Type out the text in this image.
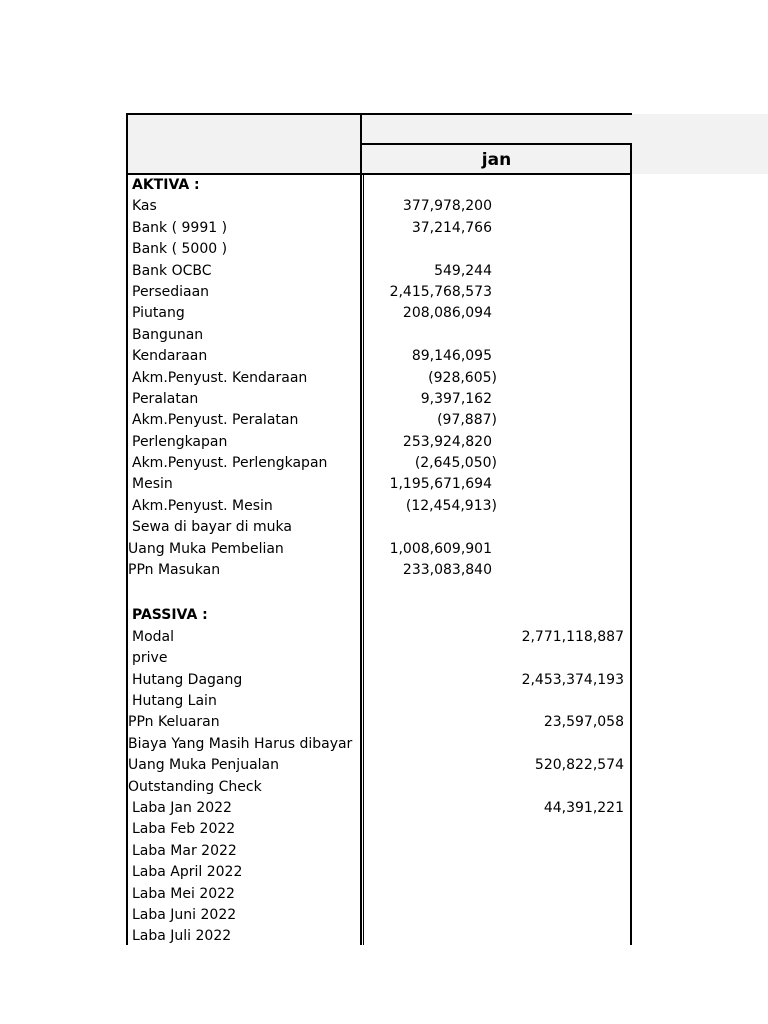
jan
AKTIVA :
Kas	377,978,200
Bank ( 9991 )	37,214,766
Bank ( 5000 )
Bank OCBC	549,244
Persediaan	2,415,768,573
Piutang	208,086,094
Bangunan
Kendaraan	89,146,095
Akm.Penyust. Kendaraan	(928,605)
Peralatan	9,397,162
Akm.Penyust. Peralatan	(97,887)
Perlengkapan	253,924,820
Akm.Penyust. Perlengkapan	(2,645,050)
Mesin	1,195,671,694
Akm.Penyust. Mesin	(12,454,913)
Sewa di bayar di muka
Uang Muka Pembelian	1,008,609,901
PPn Masukan	233,083,840
PASSIVA :
Modal	2,771,118,887
prive
Hutang Dagang	2,453,374,193
Hutang Lain
PPn Keluaran	23,597,058
Biaya Yang Masih Harus dibayar
Uang Muka Penjualan	520,822,574
Outstanding Check
Laba Jan 2022	44,391,221
Laba Feb 2022
Laba Mar 2022
Laba April 2022
Laba Mei 2022
Laba Juni 2022
Laba Juli 2022
